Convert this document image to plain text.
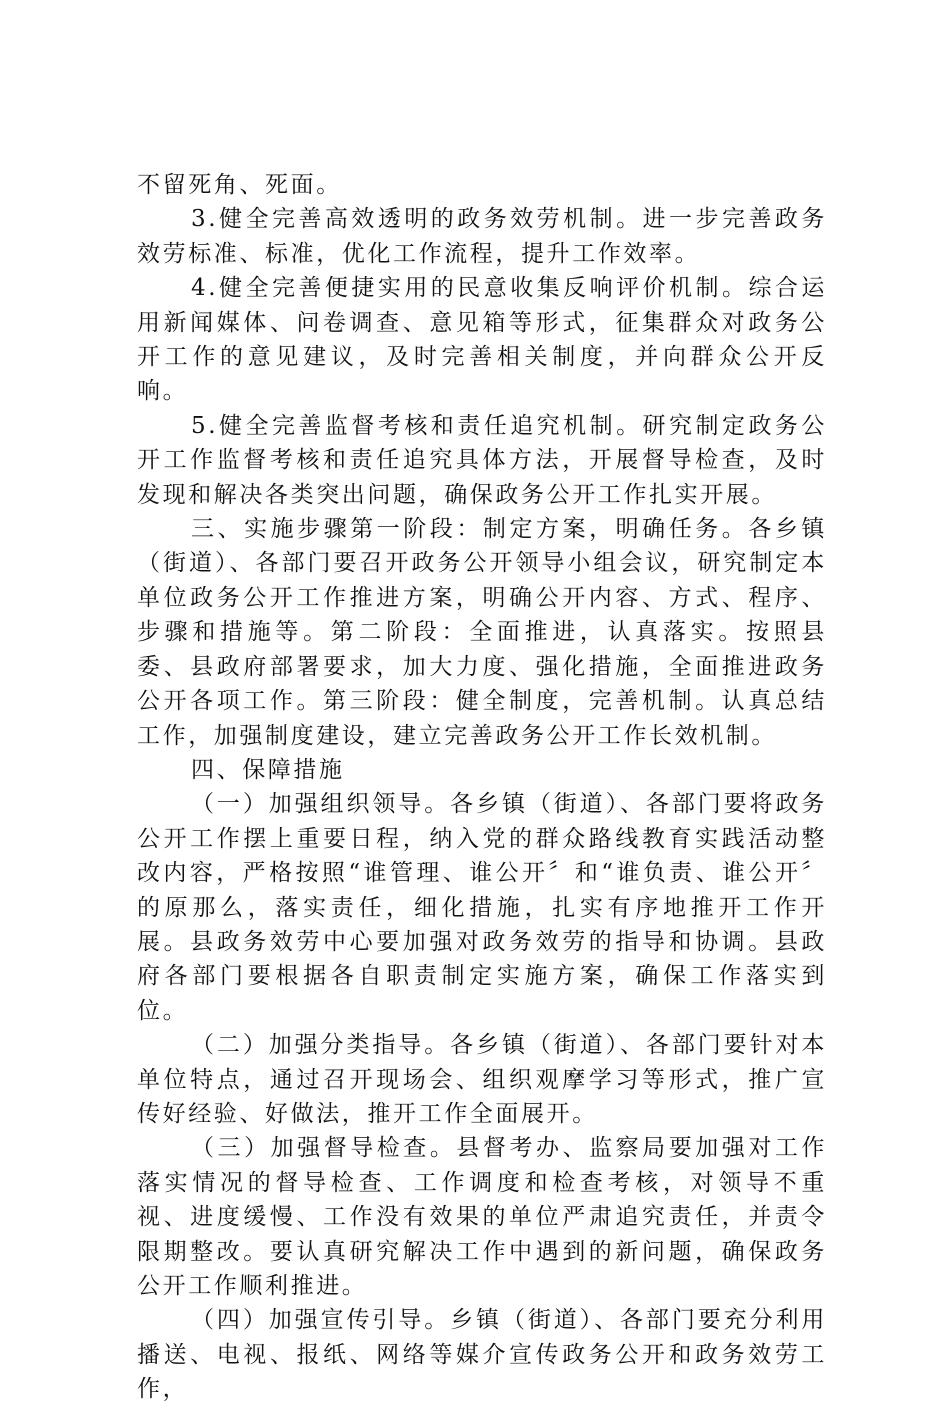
不留死角、死面。

3.健全完善高效透明的政务效劳机制。进一步完善政务效劳标准、标准，优化工作流程，提升工作效率。

4.健全完善便捷实用的民意收集反响评价机制。综合运用新闻媒体、问卷调查、意见箱等形式，征集群众对政务公开工作的意见建议，及时完善相关制度，并向群众公开反响。

5.健全完善监督考核和责任追究机制。研究制定政务公开工作监督考核和责任追究具体方法，开展督导检查，及时发现和解决各类突出问题，确保政务公开工作扎实开展。

三、实施步骤第一阶段：制定方案，明确任务。各乡镇（街道）、各部门要召开政务公开领导小组会议，研究制定本单位政务公开工作推进方案，明确公开内容、方式、程序、步骤和措施等。第二阶段：全面推进，认真落实。按照县委、县政府部署要求，加大力度、强化措施，全面推进政务公开各项工作。第三阶段：健全制度，完善机制。认真总结工作，加强制度建设，建立完善政务公开工作长效机制。

四、保障措施

（一）加强组织领导。各乡镇（街道）、各部门要将政务公开工作摆上重要日程，纳入党的群众路线教育实践活动整改内容，严格按照“谁管理、谁公开〞和“谁负责、谁公开〞的原那么，落实责任，细化措施，扎实有序地推开工作开展。县政务效劳中心要加强对政务效劳的指导和协调。县政府各部门要根据各自职责制定实施方案，确保工作落实到位。

（二）加强分类指导。各乡镇（街道）、各部门要针对本单位特点，通过召开现场会、组织观摩学习等形式，推广宣传好经验、好做法，推开工作全面展开。

（三）加强督导检查。县督考办、监察局要加强对工作落实情况的督导检查、工作调度和检查考核，对领导不重视、进度缓慢、工作没有效果的单位严肃追究责任，并责令限期整改。要认真研究解决工作中遇到的新问题，确保政务公开工作顺利推进。

（四）加强宣传引导。乡镇（街道）、各部门要充分利用播送、电视、报纸、网络等媒介宣传政务公开和政务效劳工作，
